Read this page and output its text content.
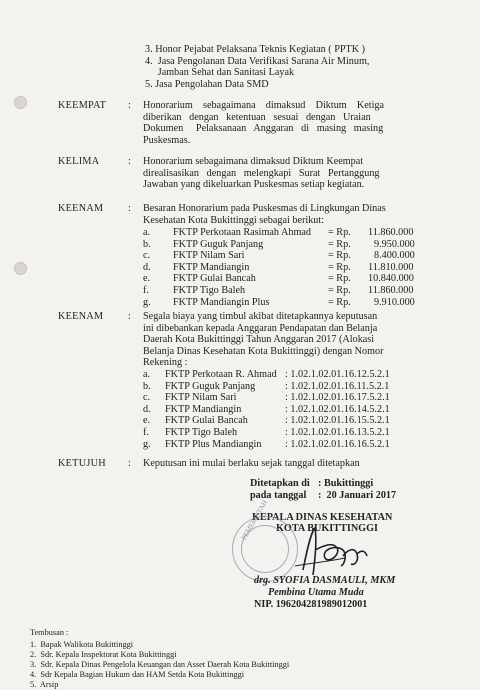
3. Honor Pejabat Pelaksana Teknis Kegiatan ( PPTK )
4.  Jasa Pengolanan Data Verifikasi Sarana Air Minum,
Jamban Sehat dan Sanitasi Layak
5. Jasa Pengolahan Data SMD
KEEMPAT : Honorarium    sebagaimana    dimaksud    Diktum    Ketiga
diberikan   dengan   ketentuan   sesuai   dengan   Uraian
Dokumen     Pelaksanaan   Anggaran   di   masing   masing
Puskesmas.
KELIMA	: Honorarium sebagaimana dimaksud Diktum Keempat
direalisasikan   dengan   melengkapi   Surat   Pertanggung
Jawaban yang dikeluarkan Puskesmas setiap kegiatan.
KEENAM : Besaran Honorarium pada Puskesmas di Lingkungan Dinas
Kesehatan Kota Bukittinggi sebagai berikut:
a.	FKTP Perkotaan Rasimah Ahmad	= Rp.	11.860.000
b.	FKTP Guguk Panjang	= Rp.	9.950.000
c.	FKTP Nilam Sari	= Rp.	8.400.000
d.	FKTP Mandiangin	= Rp.	11.810.000
e.	FKTP Gulai Bancah	= Rp.	10.840.000
f.	FKTP Tigo Baleh	= Rp.	11.860.000
g.	FKTP Mandiangin Plus	= Rp.	9.910.000
KEENAM : Segala biaya yang timbul akibat ditetapkannya keputusan
ini dibebankan kepada Anggaran Pendapatan dan Belanja
Daerah Kota Bukittinggi Tahun Anggaran 2017 (Alokasi
Belanja Dinas Kesehatan Kota Bukittinggi) dengan Nomor
Rekening :
a.	FKTP Perkotaan R. Ahmad : 1.02.1.02.01.16.12.5.2.1
b.	FKTP Guguk Panjang	: 1.02.1.02.01.16.11.5.2.1
c.	FKTP Nilam Sari	: 1.02.1.02.01.16.17.5.2.1
d.	FKTP Mandiangin	: 1.02.1.02.01.16.14.5.2.1
e.	FKTP Gulai Bancah	: 1.02.1.02.01.16.15.5.2.1
f.	FKTP Tigo Baleh	: 1.02.1.02.01.16.13.5.2.1
g.	FKTP Plus Mandiangin	: 1.02.1.02.01.16.16.5.2.1
KETUJUH : Keputusan ini mulai berlaku sejak tanggal ditetapkan
Ditetapkan di : Bukittinggi
pada tanggal :  20 Januari 2017
KEPALA DINAS KESEHATAN
KOTA BUKITTINGGI
PEMERINTAH
drg. SYOFIA DASMAULI, MKM
Pembina Utama Muda
NIP. 196204281989012001
Tembusan :
1.  Bapak Walikota Bukittinggi
2.  Sdr. Kepala Inspektorat Kota Bukittinggi
3.  Sdr. Kepala Dinas Pengelola Keuangan dan Asset Daerah Kota Bukittinggi
4.  Sdr Kepala Bagian Hukum dan HAM Setda Kota Bukittinggi
5.  Arsip
